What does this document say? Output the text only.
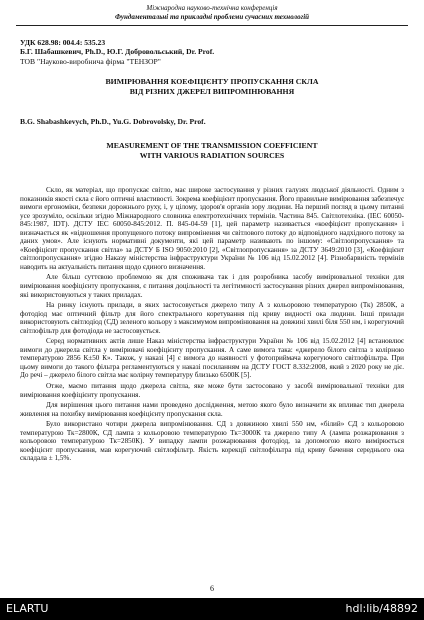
Міжнародна науково-технічна конференція
Фундаментальні та прикладні проблеми сучасних технологій
УДК 628.98: 004.4: 535.23
Б.Г. Шабашкевич, Ph.D., Ю.Г. Добровольський, Dr. Prof.
ТОВ "Науково-виробнича фірма "ТЕНЗОР"
ВИМІРЮВАННЯ КОЕФІЦІЄНТУ ПРОПУСКАННЯ СКЛА
ВІД РІЗНИХ ДЖЕРЕЛ ВИПРОМІНЮВАННЯ
B.G. Shabashkevych, Ph.D., Yu.G. Dobrovolsky, Dr. Prof.
MEASUREMENT OF THE TRANSMISSION COEFFICIENT
WITH VARIOUS RADIATION SOURCES

Скло, як матеріал, що пропускає світло, має широке застосування у різних галузях людської діяльності. Одним з показників якості скла є його оптичні властивості. Зокрема коефіцієнт пропускання. Його правильне вимірювання забезпечує вимоги ергономіки, безпеки дорожнього руху, і, у цілому, здоров'я органів зору людини. На перший погляд в цьому питанні усе зрозуміло, оскільки згідно Міжнародного словника електротехнічних термінів. Частина 845. Світлотехніка. (IEC 60050-845:1987, IDT). ДСТУ IEC 60050-845:2012. П. 845-04-59 [1], цей параметр називається «коефіцієнт пропускання» і визначається як «відношення пропущеного потоку випромінення чи світлового потоку до відповідного надхідного потоку за даних умов». Але існують нормативні документи, які цей параметр називають по іншому: «Світлопропускання» та «Коефіцієнт пропускання світла» за ДСТУ Б ISO 9050:2010 [2], «Світлопропускання» за ДСТУ 3649:2010 [3], «Коефіцієнт світлопропускання» згідно Наказу міністерства інфраструктури України № 106 від 15.02.2012 [4]. Різнобарвність термінів наводить на актуальність питання щодо єдиного визначення.

Але більш суттєвою проблемою як для споживача так і для розробника засобу вимірювальної техніки для вимірювання коефіцієнту пропускання, є питання доцільності та легітимності застосування різних джерел випромінювання, які використовуються у таких приладах.

На ринку існують прилади, в яких застосовується джерело типу А з кольоровою температурою (Тк) 2850К, а фотодіод має оптичний фільтр для його спектрального коретування під криву видності ока людини. Інші прилади використовують світлодіод (СД) зеленого кольору з максимумом випромінювання на довжині хвилі біля 550 нм, і корегуючий світлофільтр для фотодіода не застосовується.

Серед нормативних актів лише Наказ міністерства інфраструктури України № 106 від 15.02.2012 [4] встановлює вимоги до джерела світла у вимірювачі коефіцієнту пропускання. А саме вимога така: «джерело білого світла з колірною температурою 2856 К±50 К». Також, у наказі [4] є вимога до наявності у фотоприймача корегуючого світлофільтра. При цьому вимоги до такого фільтра регламентуються у наказі посиланням на ДСТУ ГОСТ 8.332:2008, який з 2020 року не діє. До речі – джерело білого світла має колірну температуру близько 6500К [5].

Отже, маємо питання щодо джерела світла, яке може бути застосовано у засобі вимірювальної техніки для вимірювання коефіцієнту пропускання.

Для вирішення цього питання нами проведено дослідження, метою якого було визначити як впливає тип джерела живлення на похибку вимірювання коефіцієнту пропускання скла.

Було використано чотири джерела випромінювання. СД з довжиною хвилі 550 нм, «білий» СД з кольоровою температурою Тк=2800К, СД лампа з кольоровою температурою Тк=3000К та джерело типу А (лампа розжарювання з кольоровою температурою Тк=2850К). У випадку лампи розжарювання фотодіод, за допомогою якого вимірюється коефіцієнт пропускання, мав корегуючий світлофільтр. Якість корекції світлофільтра під криву бачення середнього ока складала ± 1,5%.

6
ELARTU	hdl:lib/48892
